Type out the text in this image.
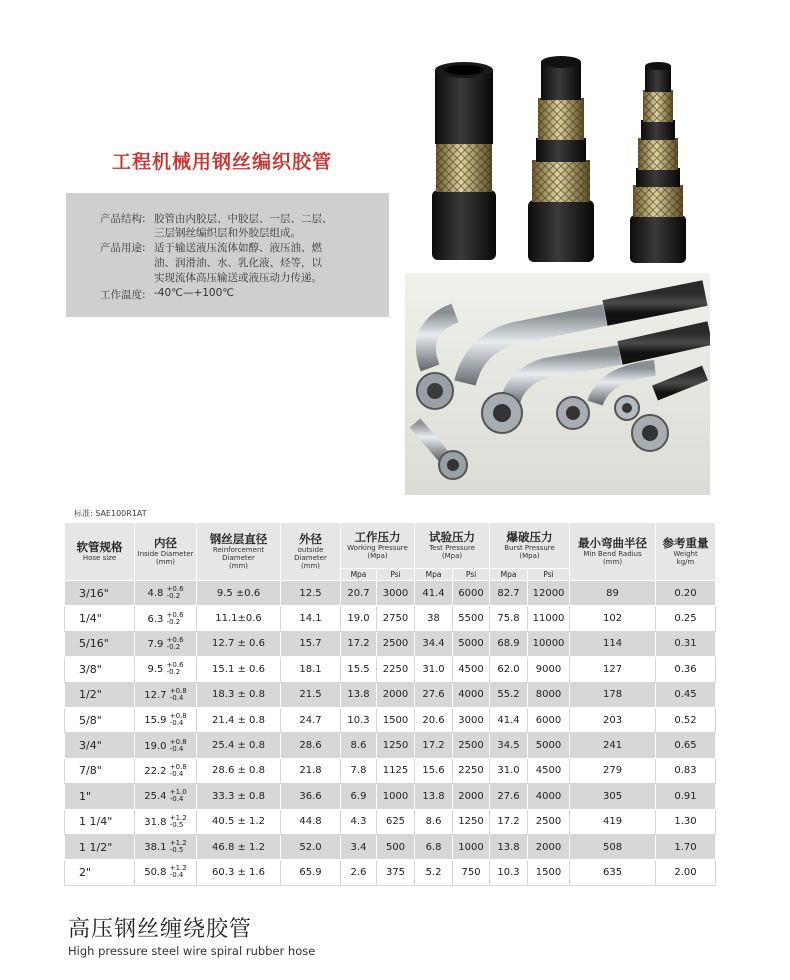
工程机械用钢丝编织胶管
产品结构: 胶管由内胶层、中胶层、一层、二层、
三层钢丝编织层和外胶层组成。
产品用途: 适于输送液压流体如醇、液压油、燃
油、润滑油、水、乳化液、烃等，以
实现流体高压输送或液压动力传递。
工作温度: -40℃—+100℃
标准: SAE100R1AT
软管规格
Hose size	内径
Inside Diameter
(mm)	钢丝层直径
Reinforcement
Diameter
(mm)	外径
outside Diameter
(mm)	工作压力
Working Pressure
(Mpa)		试验压力
Test Pressure
(Mpa)		爆破压力
Burst Pressure
(Mpa)		最小弯曲半径
Min Bend Radius
(mm)	参考重量
Weight
kg/m

				Mpa	Psi	Mpa	Psi	Mpa	Psi		
3/16"	4.8 +0.6
-0.2	9.5 ±0.6	12.5	20.7	3000	41.4	6000	82.7	12000	89	0.20
1/4"	6.3 +0.6
-0.2	11.1±0.6	14.1	19.0	2750	38	5500	75.8	11000	102	0.25
5/16"	7.9 +0.6
-0.2	12.7 ± 0.6	15.7	17.2	2500	34.4	5000	68.9	10000	114	0.31
3/8"	9.5 +0.6
-0.2	15.1 ± 0.6	18.1	15.5	2250	31.0	4500	62.0	9000	127	0.36
1/2"	12.7 +0.8
-0.4	18.3 ± 0.8	21.5	13.8	2000	27.6	4000	55.2	8000	178	0.45
5/8"	15.9 +0.8
-0.4	21.4 ± 0.8	24.7	10.3	1500	20.6	3000	41.4	6000	203	0.52
3/4"	19.0 +0.8
-0.4	25.4 ± 0.8	28.6	8.6	1250	17.2	2500	34.5	5000	241	0.65
7/8"	22.2 +0.8
-0.4	28.6 ± 0.8	21.8	7.8	1125	15.6	2250	31.0	4500	279	0.83
1"	25.4 +1.0
-0.4	33.3 ± 0.8	36.6	6.9	1000	13.8	2000	27.6	4000	305	0.91
1 1/4"	31.8 +1.2
-0.5	40.5 ± 1.2	44.8	4.3	625	8.6	1250	17.2	2500	419	1.30
1 1/2"	38.1 +1.2
-0.5	46.8 ± 1.2	52.0	3.4	500	6.8	1000	13.8	2000	508	1.70
2"	50.8 +1.2
-0.4	60.3 ± 1.6	65.9	2.6	375	5.2	750	10.3	1500	635	2.00
高压钢丝缠绕胶管
High pressure steel wire spiral rubber hose
